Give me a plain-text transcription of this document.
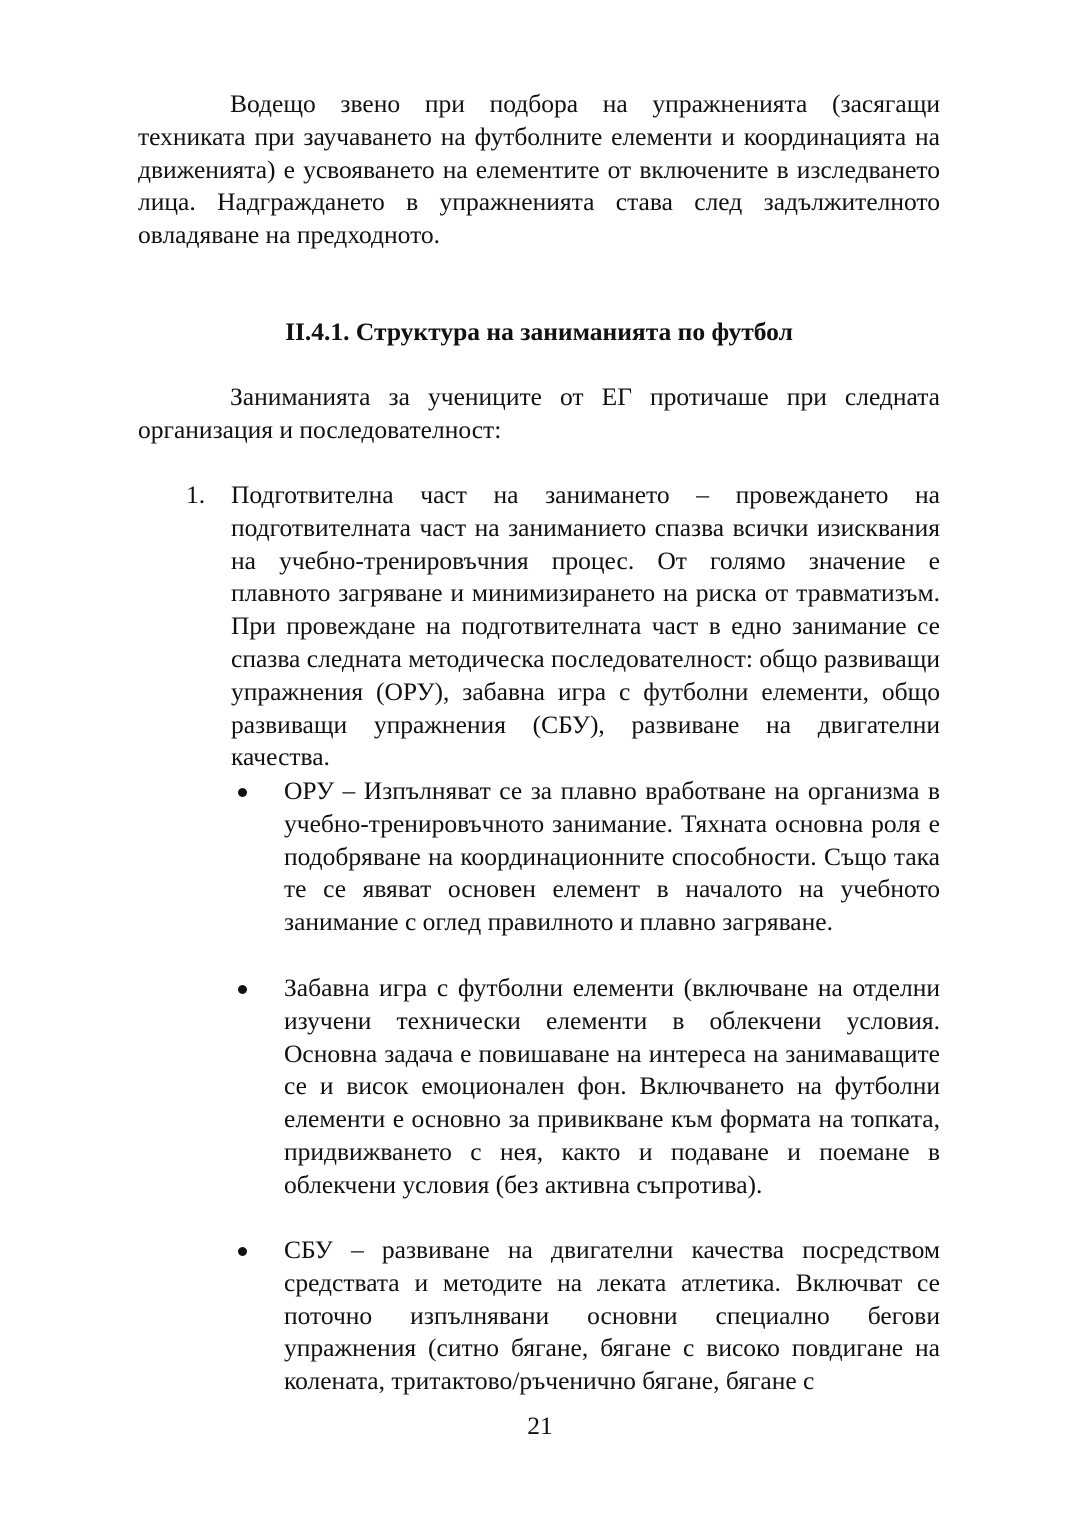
Водещо звено при подбора на упражненията (засягащи техниката при заучаването на футболните елементи и координацията на движенията) е усвояването на елементите от включените в изследването лица. Надграждането в упражненията става след задължителното овладяване на предходното.

II.4.1. Структура на заниманията по футбол

Заниманията за учениците от ЕГ протичаше при следната организация и последователност:

1. Подготвителна част на занимането – провеждането на подготвителната част на заниманието спазва всички изисквания на учебно-тренировъчния процес. От голямо значение е плавното загряване и минимизирането на риска от травматизъм. При провеждане на подготвителната част в едно занимание се спазва следната методическа последователност: общо развиващи упражнения (ОРУ), забавна игра с футболни елементи, общо развиващи упражнения (СБУ), развиване на двигателни качества.
ОРУ – Изпълняват се за плавно вработване на организма в учебно-тренировъчното занимание. Тяхната основна роля е подобряване на координационните способности. Също така те се явяват основен елемент в началото на учебното занимание с оглед правилното и плавно загряване.
Забавна игра с футболни елементи (включване на отделни изучени технически елементи в облекчени условия. Основна задача е повишаване на интереса на занимаващите се и висок емоционален фон. Включването на футболни елементи е основно за привикване към формата на топката, придвижването с нея, както и подаване и поемане в облекчени условия (без активна съпротива).
СБУ – развиване на двигателни качества посредством средствата и методите на леката атлетика. Включват се поточно изпълнявани основни специално бегови упражнения (ситно бягане, бягане с високо повдигане на колената, тритактово/ръченично бягане, бягане с
21
